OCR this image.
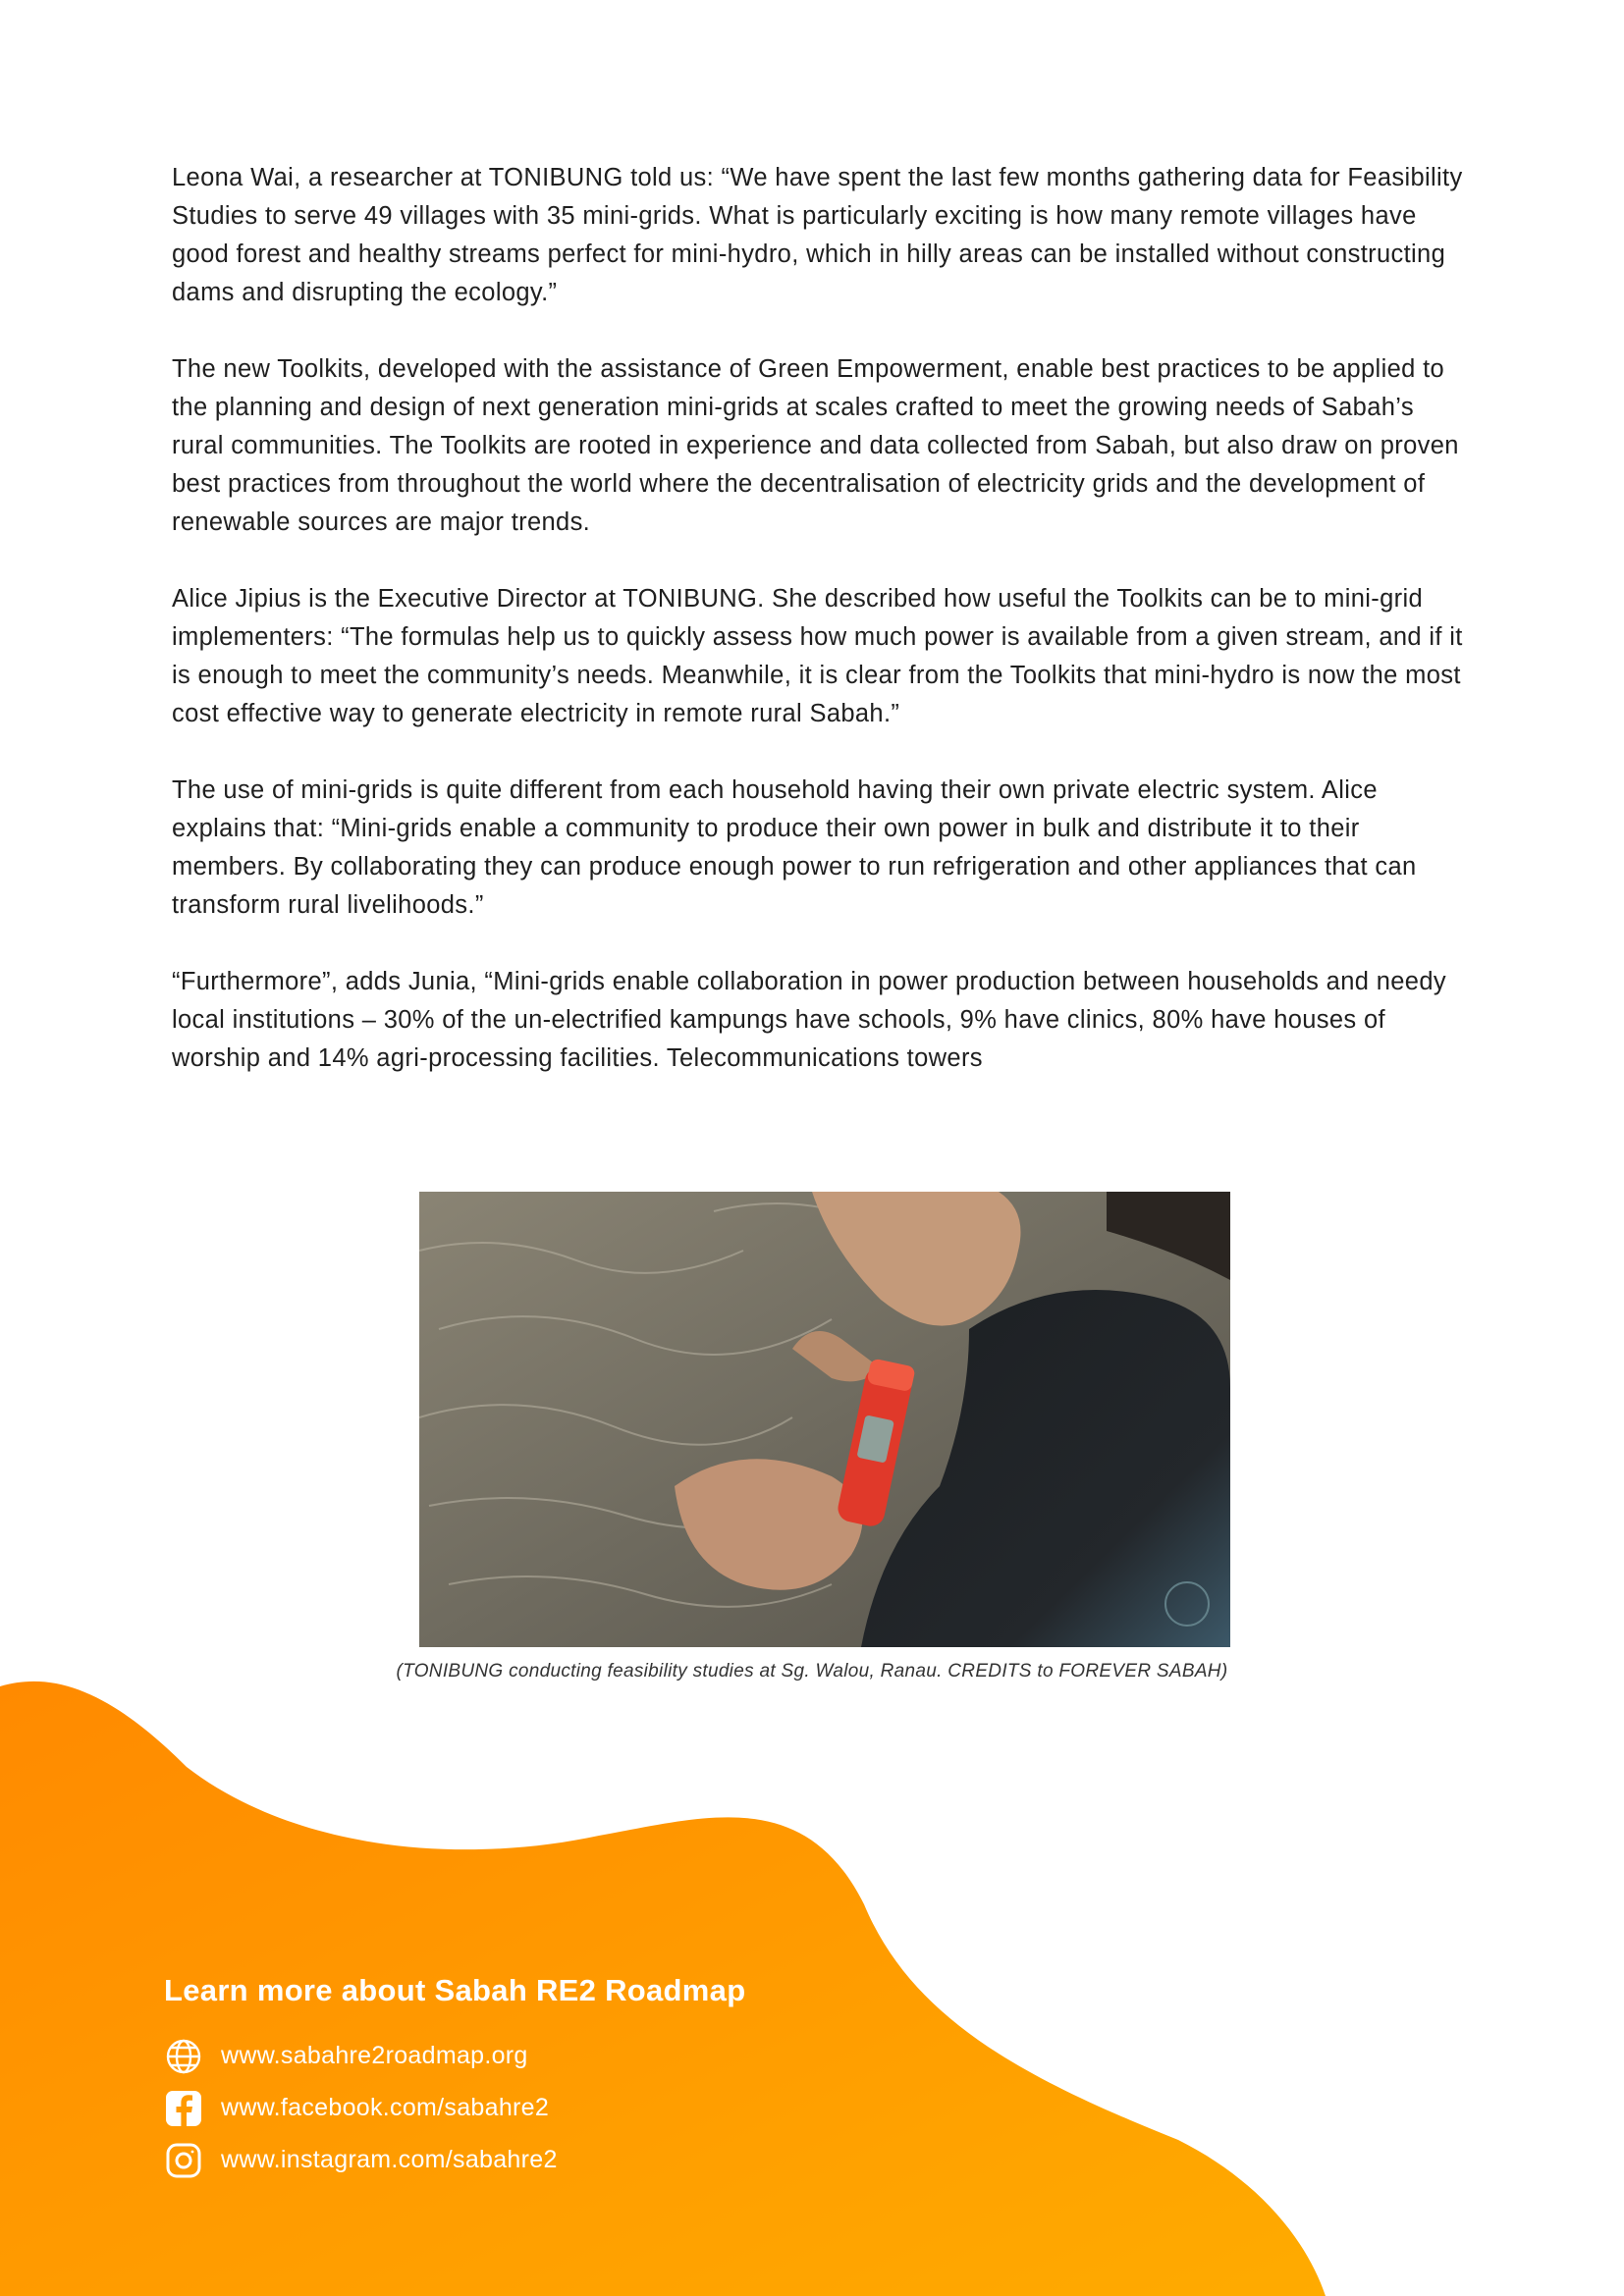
Leona Wai, a researcher at TONIBUNG told us: “We have spent the last few months gathering data for Feasibility Studies to serve 49 villages with 35 mini-grids. What is particularly exciting is how many remote villages have good forest and healthy streams perfect for mini-hydro, which in hilly areas can be installed without constructing dams and disrupting the ecology.”

The new Toolkits, developed with the assistance of Green Empowerment, enable best practices to be applied to the planning and design of next generation mini-grids at scales crafted to meet the growing needs of Sabah’s rural communities. The Toolkits are rooted in experience and data collected from Sabah, but also draw on proven best practices from throughout the world where the decentralisation of electricity grids and the development of renewable sources are major trends.

Alice Jipius is the Executive Director at TONIBUNG. She described how useful the Toolkits can be to mini-grid implementers: “The formulas help us to quickly assess how much power is available from a given stream, and if it is enough to meet the community’s needs. Meanwhile, it is clear from the Toolkits that mini-hydro is now the most cost effective way to generate electricity in remote rural Sabah.”

The use of mini-grids is quite different from each household having their own private electric system. Alice explains that: “Mini-grids enable a community to produce their own power in bulk and distribute it to their members. By collaborating they can produce enough power to run refrigeration and other appliances that can transform rural livelihoods.”

“Furthermore”, adds Junia, “Mini-grids enable collaboration in power production between households and needy local institutions – 30% of the un-electrified kampungs have schools, 9% have clinics, 80% have houses of worship and 14% agri-processing facilities. Telecommunications towers

(TONIBUNG conducting feasibility studies at Sg. Walou, Ranau. CREDITS to FOREVER SABAH)
Learn more about Sabah RE2 Roadmap
www.sabahre2roadmap.org
www.facebook.com/sabahre2
www.instagram.com/sabahre2
